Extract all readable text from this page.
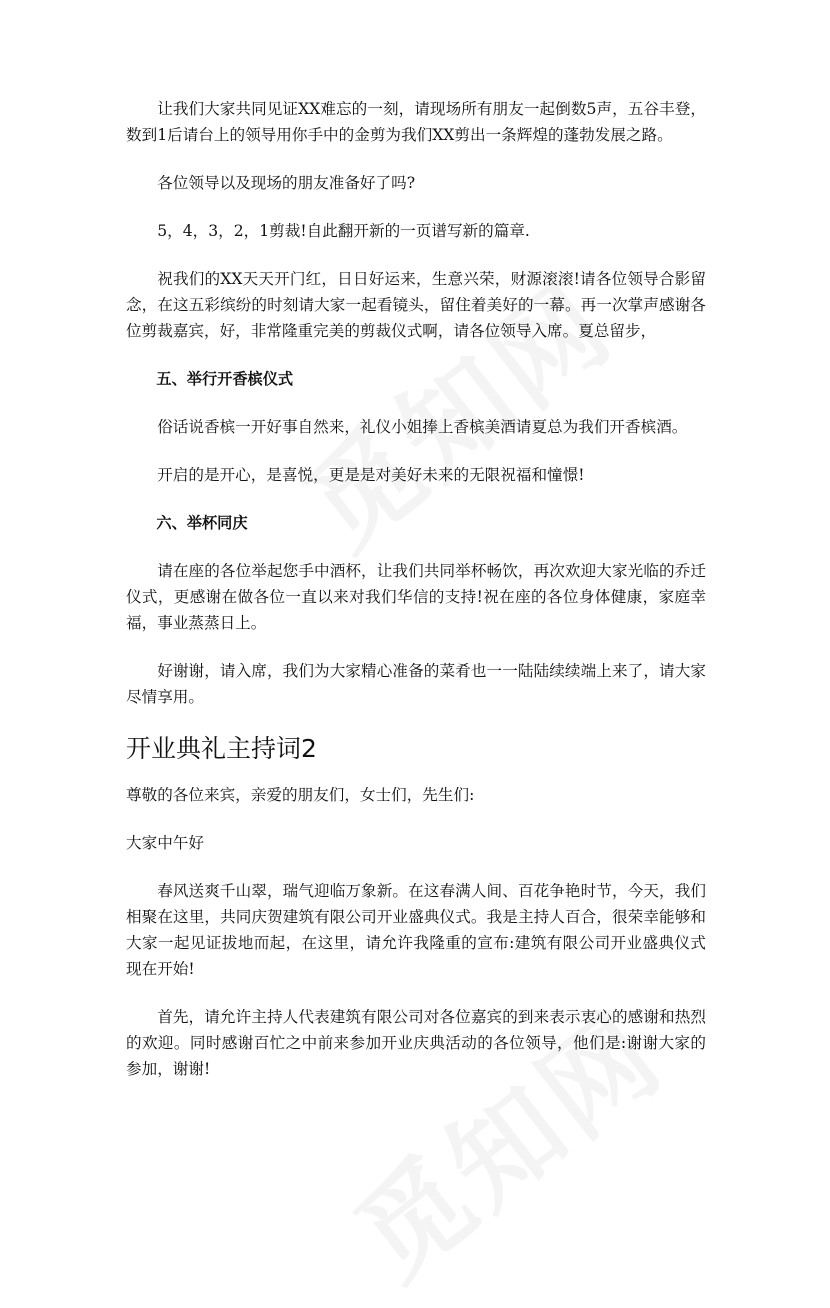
让我们大家共同见证XX难忘的一刻，请现场所有朋友一起倒数5声，五谷丰登，数到1后请台上的领导用你手中的金剪为我们XX剪出一条辉煌的蓬勃发展之路。

各位领导以及现场的朋友准备好了吗?

5，4，3，2，1剪裁!自此翻开新的一页谱写新的篇章.

祝我们的XX天天开门红，日日好运来，生意兴荣，财源滚滚!请各位领导合影留念，在这五彩缤纷的时刻请大家一起看镜头，留住着美好的一幕。再一次掌声感谢各位剪裁嘉宾，好，非常隆重完美的剪裁仪式啊，请各位领导入席。夏总留步，

五、举行开香槟仪式

俗话说香槟一开好事自然来，礼仪小姐捧上香槟美酒请夏总为我们开香槟酒。

开启的是开心，是喜悦，更是是对美好未来的无限祝福和憧憬!

六、举杯同庆

请在座的各位举起您手中酒杯，让我们共同举杯畅饮，再次欢迎大家光临的乔迁仪式，更感谢在做各位一直以来对我们华信的支持!祝在座的各位身体健康，家庭幸福，事业蒸蒸日上。

好谢谢，请入席，我们为大家精心准备的菜肴也一一陆陆续续端上来了，请大家尽情享用。

开业典礼主持词2

尊敬的各位来宾，亲爱的朋友们，女士们，先生们:

大家中午好

春风送爽千山翠，瑞气迎临万象新。在这春满人间、百花争艳时节，今天，我们相聚在这里，共同庆贺建筑有限公司开业盛典仪式。我是主持人百合，很荣幸能够和大家一起见证拔地而起，在这里，请允许我隆重的宣布:建筑有限公司开业盛典仪式现在开始!

首先，请允许主持人代表建筑有限公司对各位嘉宾的到来表示衷心的感谢和热烈的欢迎。同时感谢百忙之中前来参加开业庆典活动的各位领导，他们是:谢谢大家的参加，谢谢!
